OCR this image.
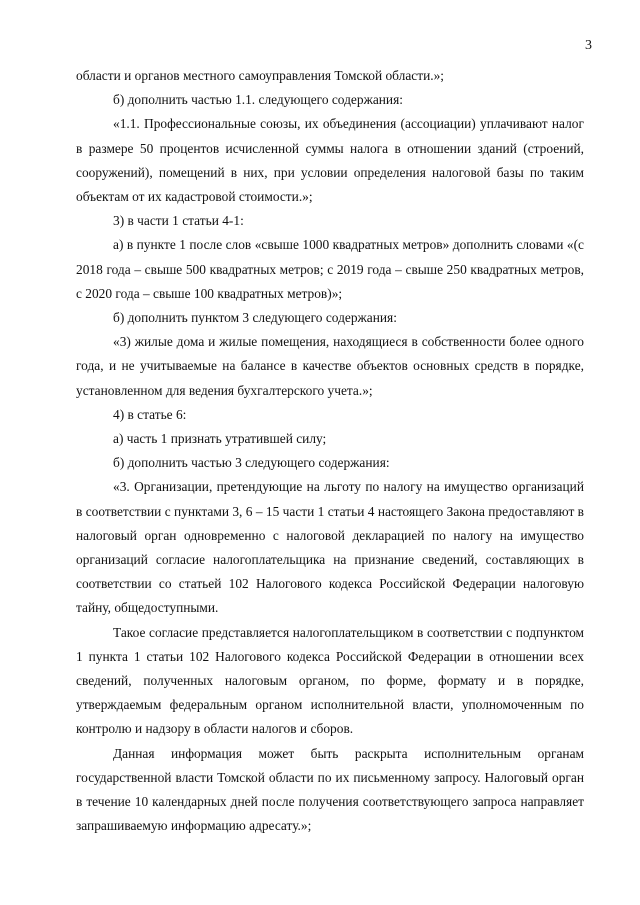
3

области и органов местного самоуправления Томской области.»;

б) дополнить частью 1.1. следующего содержания:

«1.1. Профессиональные союзы, их объединения (ассоциации) уплачивают налог в размере 50 процентов исчисленной суммы налога в отношении зданий (строений, сооружений), помещений в них, при условии определения налоговой базы по таким объектам от их кадастровой стоимости.»;

3) в части 1 статьи 4-1:

а) в пункте 1 после слов «свыше 1000 квадратных метров» дополнить словами «(с 2018 года – свыше 500 квадратных метров; с 2019 года – свыше 250 квадратных метров, с 2020 года – свыше 100 квадратных метров)»;

б) дополнить пунктом 3 следующего содержания:

«3) жилые дома и жилые помещения, находящиеся в собственности более одного года, и не учитываемые на балансе в качестве объектов основных средств в порядке, установленном для ведения бухгалтерского учета.»;

4) в статье 6:

а) часть 1 признать утратившей силу;

б) дополнить частью 3 следующего содержания:

«3. Организации, претендующие на льготу по налогу на имущество организаций в соответствии с пунктами 3, 6 – 15 части 1 статьи 4 настоящего Закона предоставляют в налоговый орган одновременно с налоговой декларацией по налогу на имущество организаций согласие налогоплательщика на признание сведений, составляющих в соответствии со статьей 102 Налогового кодекса Российской Федерации налоговую тайну, общедоступными.

Такое согласие представляется налогоплательщиком в соответствии с подпунктом 1 пункта 1 статьи 102 Налогового кодекса Российской Федерации в отношении всех сведений, полученных налоговым органом, по форме, формату и в порядке, утверждаемым федеральным органом исполнительной власти, уполномоченным по контролю и надзору в области налогов и сборов.

Данная информация может быть раскрыта исполнительным органам государственной власти Томской области по их письменному запросу. Налоговый орган в течение 10 календарных дней после получения соответствующего запроса направляет запрашиваемую информацию адресату.»;
